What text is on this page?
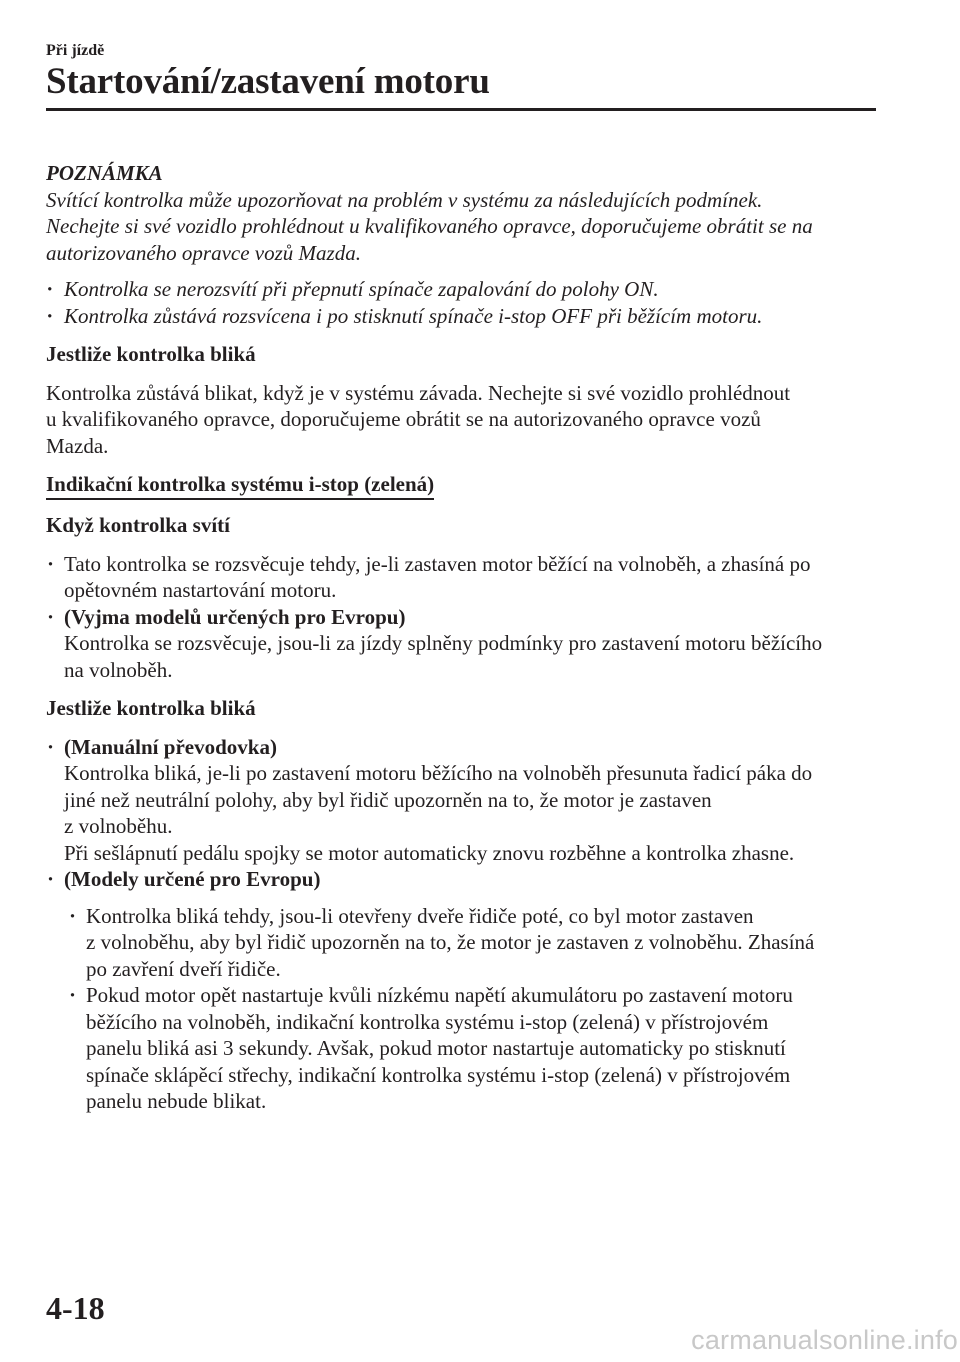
Při jízdě
Startování/zastavení motoru

POZNÁMKA

Svítící kontrolka může upozorňovat na problém v systému za následujících podmínek.

Nechejte si své vozidlo prohlédnout u kvalifikovaného opravce, doporučujeme obrátit se na

autorizovaného opravce vozů Mazda.

· Kontrolka se nerozsvítí při přepnutí spínače zapalování do polohy ON.

· Kontrolka zůstává rozsvícena i po stisknutí spínače i-stop OFF při běžícím motoru.

Jestliže kontrolka bliká

Kontrolka zůstává blikat, když je v systému závada. Nechejte si své vozidlo prohlédnout

u kvalifikovaného opravce, doporučujeme obrátit se na autorizovaného opravce vozů

Mazda.

Indikační kontrolka systému i-stop (zelená)

Když kontrolka svítí

· Tato kontrolka se rozsvěcuje tehdy, je-li zastaven motor běžící na volnoběh, a zhasíná po

opětovném nastartování motoru.

· (Vyjma modelů určených pro Evropu)

Kontrolka se rozsvěcuje, jsou-li za jízdy splněny podmínky pro zastavení motoru běžícího

na volnoběh.

Jestliže kontrolka bliká

· (Manuální převodovka)

Kontrolka bliká, je-li po zastavení motoru běžícího na volnoběh přesunuta řadicí páka do

jiné než neutrální polohy, aby byl řidič upozorněn na to, že motor je zastaven

z volnoběhu.

Při sešlápnutí pedálu spojky se motor automaticky znovu rozběhne a kontrolka zhasne.

· (Modely určené pro Evropu)

· Kontrolka bliká tehdy, jsou-li otevřeny dveře řidiče poté, co byl motor zastaven

z volnoběhu, aby byl řidič upozorněn na to, že motor je zastaven z volnoběhu. Zhasíná

po zavření dveří řidiče.

· Pokud motor opět nastartuje kvůli nízkému napětí akumulátoru po zastavení motoru

běžícího na volnoběh, indikační kontrolka systému i-stop (zelená) v přístrojovém

panelu bliká asi 3 sekundy. Avšak, pokud motor nastartuje automaticky po stisknutí

spínače sklápěcí střechy, indikační kontrolka systému i-stop (zelená) v přístrojovém

panelu nebude blikat.

4-18
carmanualsonline.info
